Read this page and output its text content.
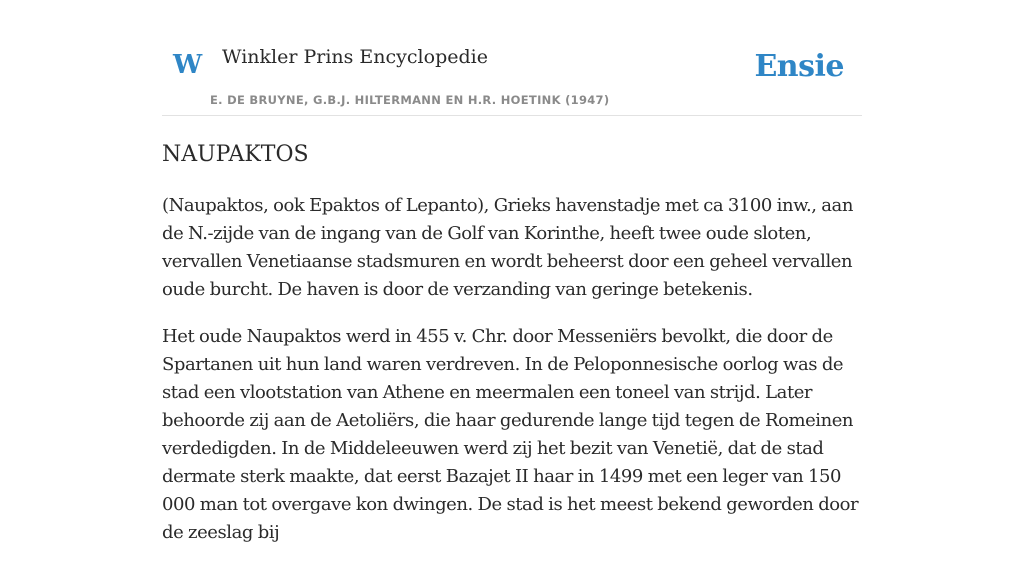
W Winkler Prins Encyclopedie
E. DE BRUYNE, G.B.J. HILTERMANN EN H.R. HOETINK (1947)
Ensie
NAUPAKTOS

(Naupaktos, ook Epaktos of Lepanto), Grieks havenstadje met ca 3100 inw., aan de N.-zijde van de ingang van de Golf van Korinthe, heeft twee oude sloten, vervallen Venetiaanse stadsmuren en wordt beheerst door een geheel vervallen oude burcht. De haven is door de verzanding van geringe betekenis.

Het oude Naupaktos werd in 455 v. Chr. door Messeniërs bevolkt, die door de Spartanen uit hun land waren verdreven. In de Peloponnesische oorlog was de stad een vlootstation van Athene en meermalen een toneel van strijd. Later behoorde zij aan de Aetoliërs, die haar gedurende lange tijd tegen de Romeinen verdedigden. In de Middeleeuwen werd zij het bezit van Venetië, dat de stad dermate sterk maakte, dat eerst Bazajet II haar in 1499 met een leger van 150 000 man tot overgave kon dwingen. De stad is het meest bekend geworden door de zeeslag bij
